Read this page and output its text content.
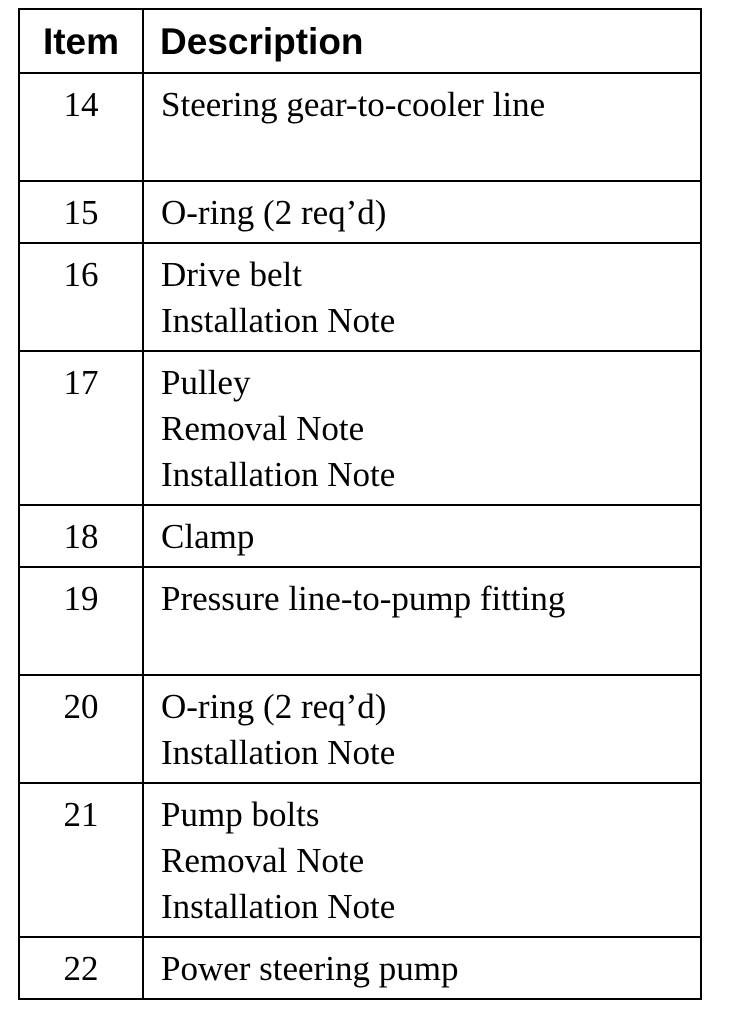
Item	Description
14	Steering gear-to-cooler line

15	O-ring (2 req’d)

16	Drive belt
Installation Note

17	Pulley
Removal Note
Installation Note

18	Clamp

19	Pressure line-to-pump fitting

20	O-ring (2 req’d)
Installation Note

21	Pump bolts
Removal Note
Installation Note

22	Power steering pump
